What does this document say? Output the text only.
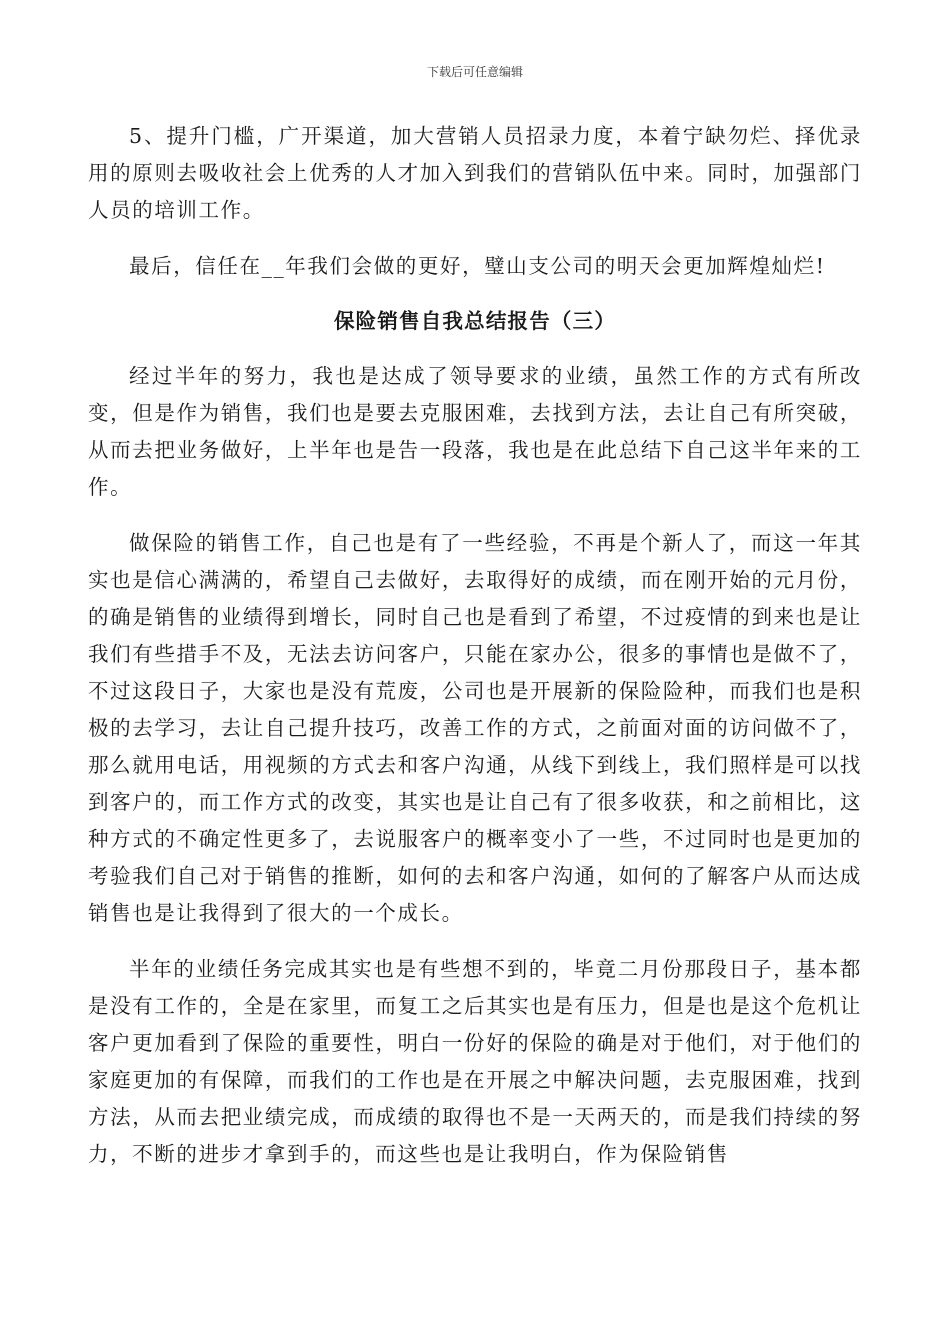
下载后可任意编辑

5、提升门槛，广开渠道，加大营销人员招录力度，本着宁缺勿烂、择优录用的原则去吸收社会上优秀的人才加入到我们的营销队伍中来。同时，加强部门人员的培训工作。

最后，信任在__年我们会做的更好，璧山支公司的明天会更加辉煌灿烂!

保险销售自我总结报告（三）

经过半年的努力，我也是达成了领导要求的业绩，虽然工作的方式有所改变，但是作为销售，我们也是要去克服困难，去找到方法，去让自己有所突破，从而去把业务做好，上半年也是告一段落，我也是在此总结下自己这半年来的工作。

做保险的销售工作，自己也是有了一些经验，不再是个新人了，而这一年其实也是信心满满的，希望自己去做好，去取得好的成绩，而在刚开始的元月份，的确是销售的业绩得到增长，同时自己也是看到了希望，不过疫情的到来也是让我们有些措手不及，无法去访问客户，只能在家办公，很多的事情也是做不了，不过这段日子，大家也是没有荒废，公司也是开展新的保险险种，而我们也是积极的去学习，去让自己提升技巧，改善工作的方式，之前面对面的访问做不了，那么就用电话，用视频的方式去和客户沟通，从线下到线上，我们照样是可以找到客户的，而工作方式的改变，其实也是让自己有了很多收获，和之前相比，这种方式的不确定性更多了，去说服客户的概率变小了一些，不过同时也是更加的考验我们自己对于销售的推断，如何的去和客户沟通，如何的了解客户从而达成销售也是让我得到了很大的一个成长。

半年的业绩任务完成其实也是有些想不到的，毕竟二月份那段日子，基本都是没有工作的，全是在家里，而复工之后其实也是有压力，但是也是这个危机让客户更加看到了保险的重要性，明白一份好的保险的确是对于他们，对于他们的家庭更加的有保障，而我们的工作也是在开展之中解决问题，去克服困难，找到方法，从而去把业绩完成，而成绩的取得也不是一天两天的，而是我们持续的努力，不断的进步才拿到手的，而这些也是让我明白，作为保险销售
